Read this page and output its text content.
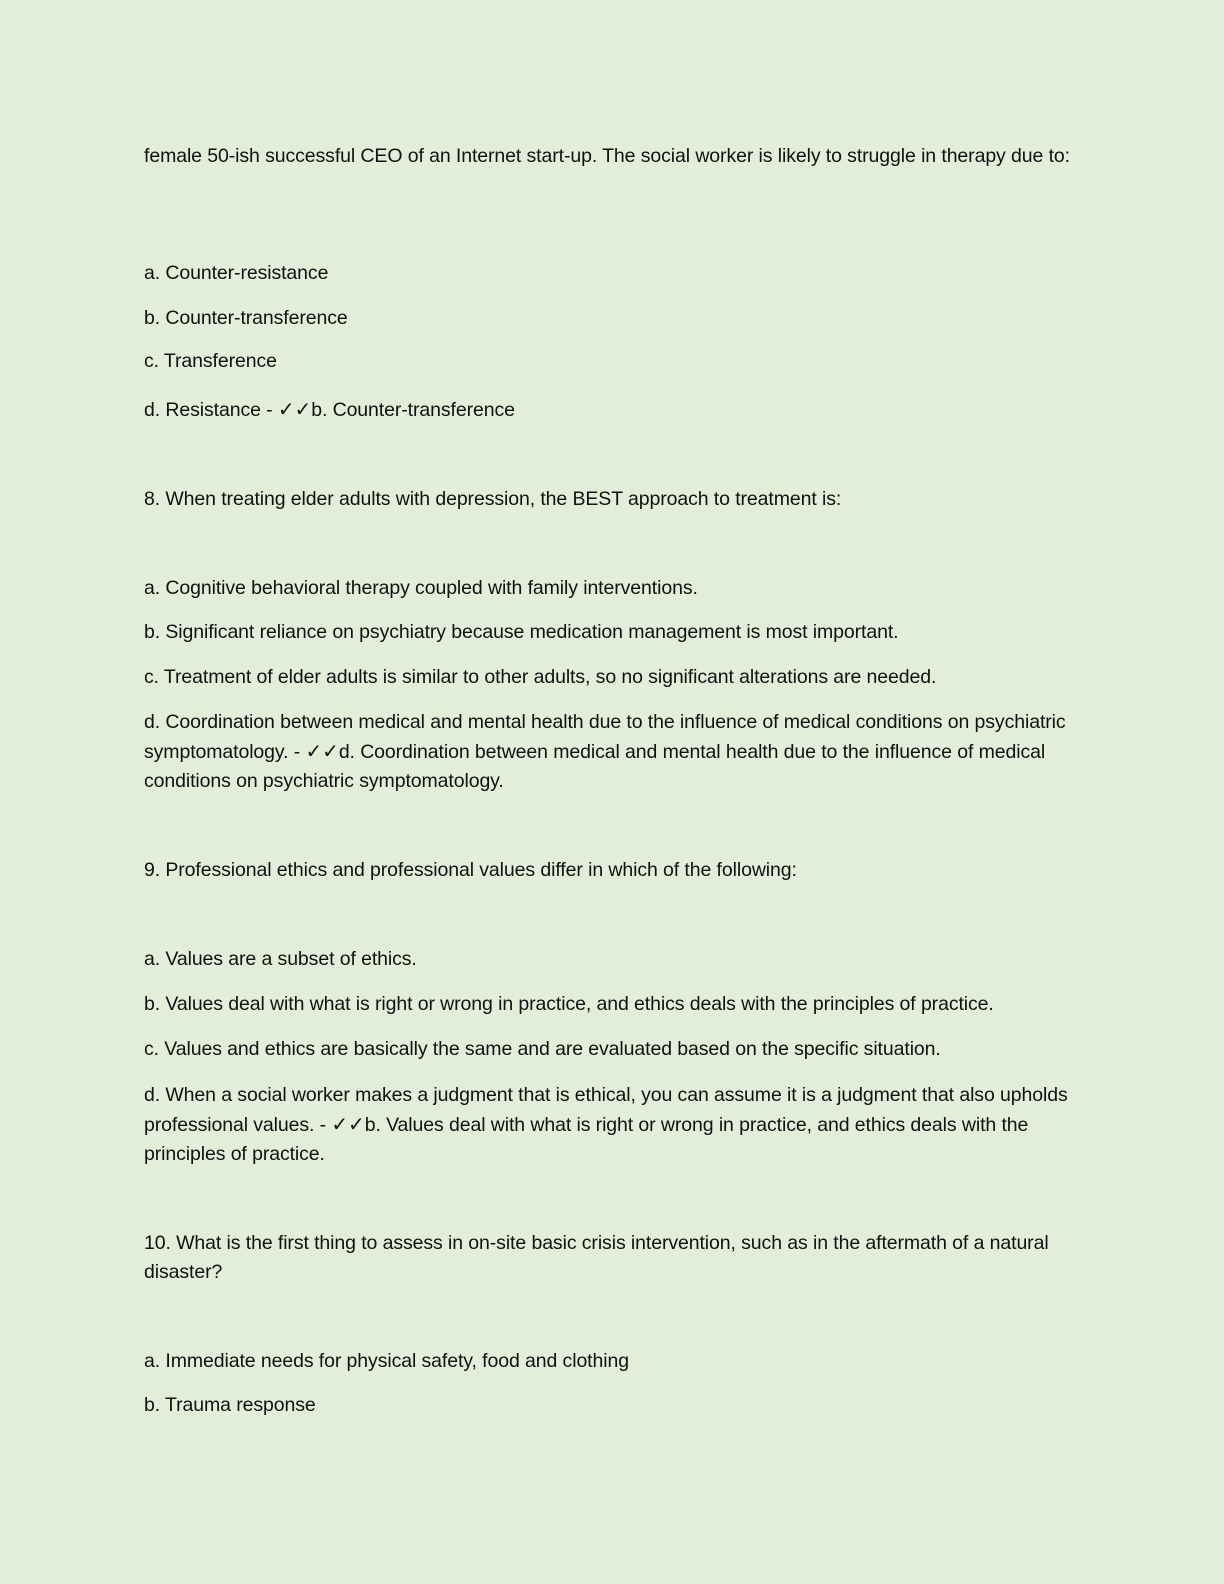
female 50-ish successful CEO of an Internet start-up. The social worker is likely to struggle in therapy due to:
a. Counter-resistance
b. Counter-transference
c. Transference
d. Resistance - ✓✓b. Counter-transference
8. When treating elder adults with depression, the BEST approach to treatment is:
a. Cognitive behavioral therapy coupled with family interventions.
b. Significant reliance on psychiatry because medication management is most important.
c. Treatment of elder adults is similar to other adults, so no significant alterations are needed.
d. Coordination between medical and mental health due to the influence of medical conditions on psychiatric symptomatology. - ✓✓d. Coordination between medical and mental health due to the influence of medical conditions on psychiatric symptomatology.
9. Professional ethics and professional values differ in which of the following:
a. Values are a subset of ethics.
b. Values deal with what is right or wrong in practice, and ethics deals with the principles of practice.
c. Values and ethics are basically the same and are evaluated based on the specific situation.
d. When a social worker makes a judgment that is ethical, you can assume it is a judgment that also upholds professional values. - ✓✓b. Values deal with what is right or wrong in practice, and ethics deals with the principles of practice.
10. What is the first thing to assess in on-site basic crisis intervention, such as in the aftermath of a natural disaster?
a. Immediate needs for physical safety, food and clothing
b. Trauma response
